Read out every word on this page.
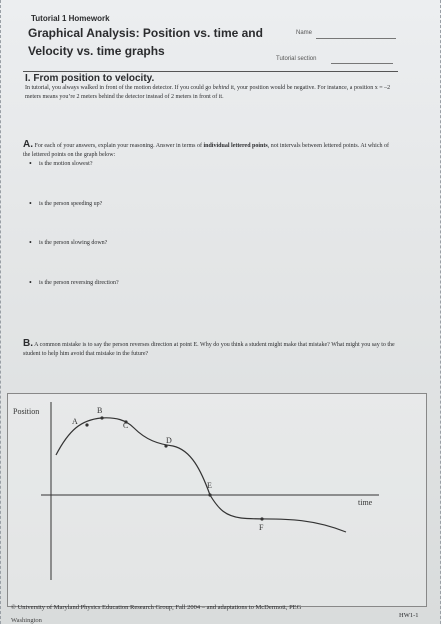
Tutorial 1 Homework
Graphical Analysis: Position vs. time and
Velocity vs. time graphs
Name
Tutorial section
I. From position to velocity.
In tutorial, you always walked in front of the motion detector. If you could go behind it, your position would be negative. For instance, a position x = –2 meters means you’re 2 meters behind the detector instead of 2 meters in front of it.
A. For each of your answers, explain your reasoning. Answer in terms of individual lettered points, not intervals between lettered points. At which of the lettered points on the graph below:
• is the motion slowest?
• is the person speeding up?
• is the person slowing down?
• is the person reversing direction?
B. A common mistake is to say the person reverses direction at point E. Why do you think a student might make that mistake? What might you say to the student to help him avoid that mistake in the future?
Position
time
A
B
C
D
E
F
© University of Maryland Physics Education Research Group, Fall 2004 – and adaptations to McDermott, PEG
HW1-1
Washington
